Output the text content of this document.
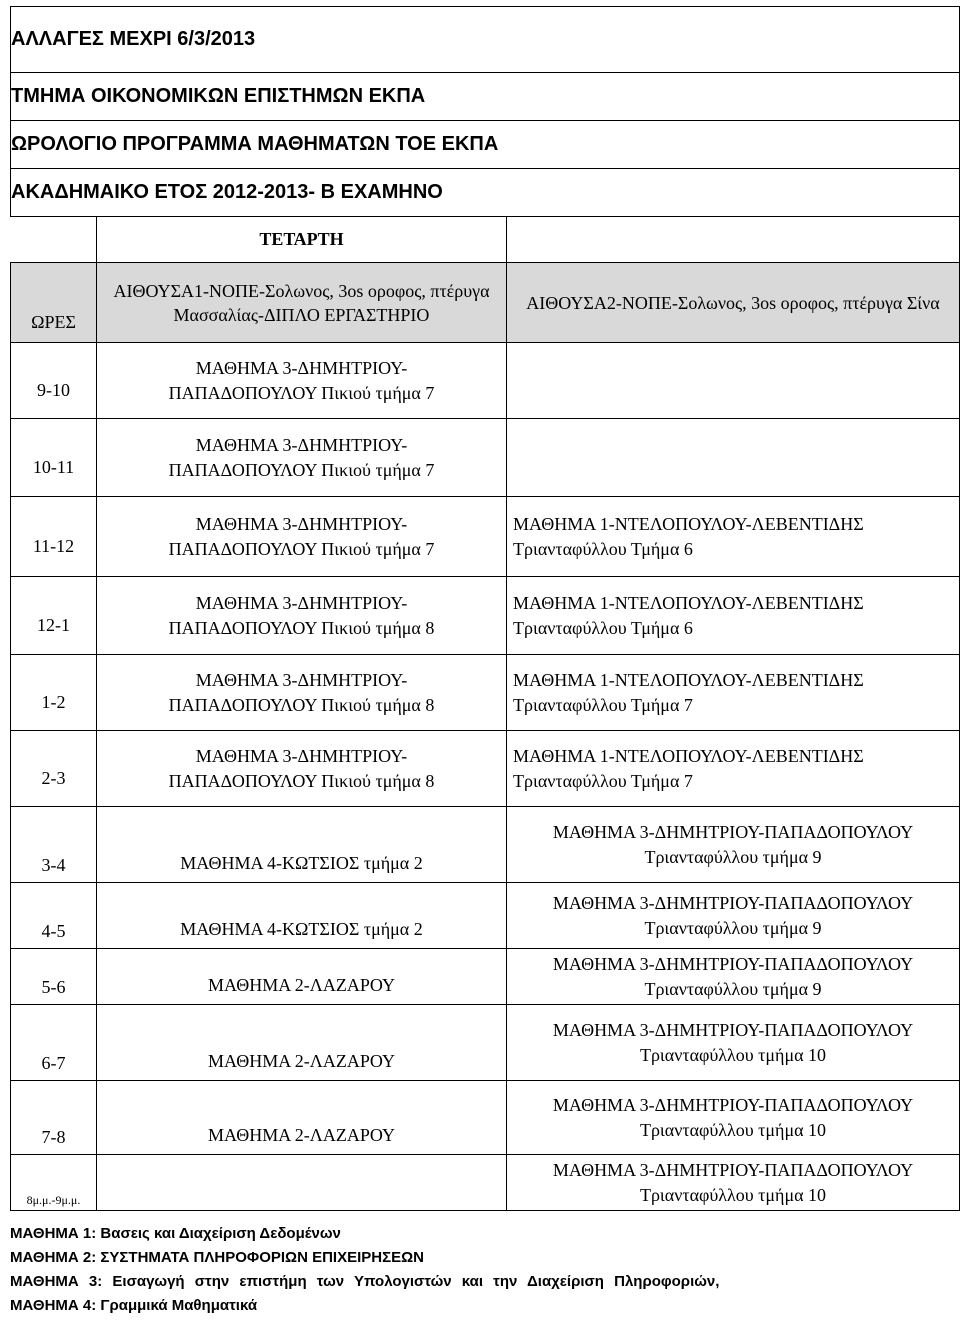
ΑΛΛΑΓΕΣ ΜΕΧΡΙ 6/3/2013		
ΤΜΗΜΑ ΟΙΚΟΝΟΜΙΚΩΝ ΕΠΙΣΤΗΜΩΝ ΕΚΠΑ		
ΩΡΟΛΟΓΙΟ ΠΡΟΓΡΑΜΜΑ ΜΑΘΗΜΑΤΩΝ ΤΟΕ ΕΚΠΑ		
ΑΚΑΔΗΜΑΙΚΟ ΕΤΟΣ 2012-2013- Β ΕΧΑΜΗΝΟ		
	ΤΕΤΑΡΤΗ	
ΩΡΕΣ	ΑΙΘΟΥΣΑ1-ΝΟΠΕ-Σολωνος, 3οs οροφος, πτέρυγα Μασσαλίας-ΔΙΠΛΟ ΕΡΓΑΣΤΗΡΙΟ	ΑΙΘΟΥΣΑ2-ΝΟΠΕ-Σολωνος, 3οs οροφος, πτέρυγα Σίνα
9-10	ΜΑΘΗΜΑ 3-ΔΗΜΗΤΡΙΟΥ-
ΠΑΠΑΔΟΠΟΥΛΟΥ Πικιού τμήμα 7	

10-11	ΜΑΘΗΜΑ 3-ΔΗΜΗΤΡΙΟΥ-
ΠΑΠΑΔΟΠΟΥΛΟΥ Πικιού τμήμα 7	

11-12	ΜΑΘΗΜΑ 3-ΔΗΜΗΤΡΙΟΥ-
ΠΑΠΑΔΟΠΟΥΛΟΥ Πικιού τμήμα 7	ΜΑΘΗΜΑ 1-ΝΤΕΛΟΠΟΥΛΟΥ-ΛΕΒΕΝΤΙΔΗΣ
Τριανταφύλλου Τμήμα 6

12-1	ΜΑΘΗΜΑ 3-ΔΗΜΗΤΡΙΟΥ-
ΠΑΠΑΔΟΠΟΥΛΟΥ Πικιού τμήμα 8	ΜΑΘΗΜΑ 1-ΝΤΕΛΟΠΟΥΛΟΥ-ΛΕΒΕΝΤΙΔΗΣ
Τριανταφύλλου Τμήμα 6

1-2	ΜΑΘΗΜΑ 3-ΔΗΜΗΤΡΙΟΥ-
ΠΑΠΑΔΟΠΟΥΛΟΥ Πικιού τμήμα 8	ΜΑΘΗΜΑ 1-ΝΤΕΛΟΠΟΥΛΟΥ-ΛΕΒΕΝΤΙΔΗΣ
Τριανταφύλλου Τμήμα 7

2-3	ΜΑΘΗΜΑ 3-ΔΗΜΗΤΡΙΟΥ-
ΠΑΠΑΔΟΠΟΥΛΟΥ Πικιού τμήμα 8	ΜΑΘΗΜΑ 1-ΝΤΕΛΟΠΟΥΛΟΥ-ΛΕΒΕΝΤΙΔΗΣ
Τριανταφύλλου Τμήμα 7

3-4	ΜΑΘΗΜΑ 4-ΚΩΤΣΙΟΣ τμήμα 2	ΜΑΘΗΜΑ 3-ΔΗΜΗΤΡΙΟΥ-ΠΑΠΑΔΟΠΟΥΛΟΥ
Τριανταφύλλου τμήμα 9

4-5	ΜΑΘΗΜΑ 4-ΚΩΤΣΙΟΣ τμήμα 2	ΜΑΘΗΜΑ 3-ΔΗΜΗΤΡΙΟΥ-ΠΑΠΑΔΟΠΟΥΛΟΥ
Τριανταφύλλου τμήμα 9

5-6	ΜΑΘΗΜΑ 2-ΛΑΖΑΡΟΥ	ΜΑΘΗΜΑ 3-ΔΗΜΗΤΡΙΟΥ-ΠΑΠΑΔΟΠΟΥΛΟΥ
Τριανταφύλλου τμήμα 9

6-7	ΜΑΘΗΜΑ 2-ΛΑΖΑΡΟΥ	ΜΑΘΗΜΑ 3-ΔΗΜΗΤΡΙΟΥ-ΠΑΠΑΔΟΠΟΥΛΟΥ
Τριανταφύλλου τμήμα 10

7-8	ΜΑΘΗΜΑ 2-ΛΑΖΑΡΟΥ	ΜΑΘΗΜΑ 3-ΔΗΜΗΤΡΙΟΥ-ΠΑΠΑΔΟΠΟΥΛΟΥ
Τριανταφύλλου τμήμα 10

8μ.μ.-9μ.μ.		ΜΑΘΗΜΑ 3-ΔΗΜΗΤΡΙΟΥ-ΠΑΠΑΔΟΠΟΥΛΟΥ
Τριανταφύλλου τμήμα 10
ΜΑΘΗΜΑ 1: Βασεις και Διαχείριση Δεδομένων
ΜΑΘΗΜΑ 2: ΣΥΣΤΗΜΑΤΑ ΠΛΗΡΟΦΟΡΙΩΝ ΕΠΙΧΕΙΡΗΣΕΩΝ
ΜΑΘΗΜΑ 3: Εισαγωγή στην επιστήμη των Υπολογιστών και την Διαχείριση Πληροφοριών,
ΜΑΘΗΜΑ 4: Γραμμικά Μαθηματικά
